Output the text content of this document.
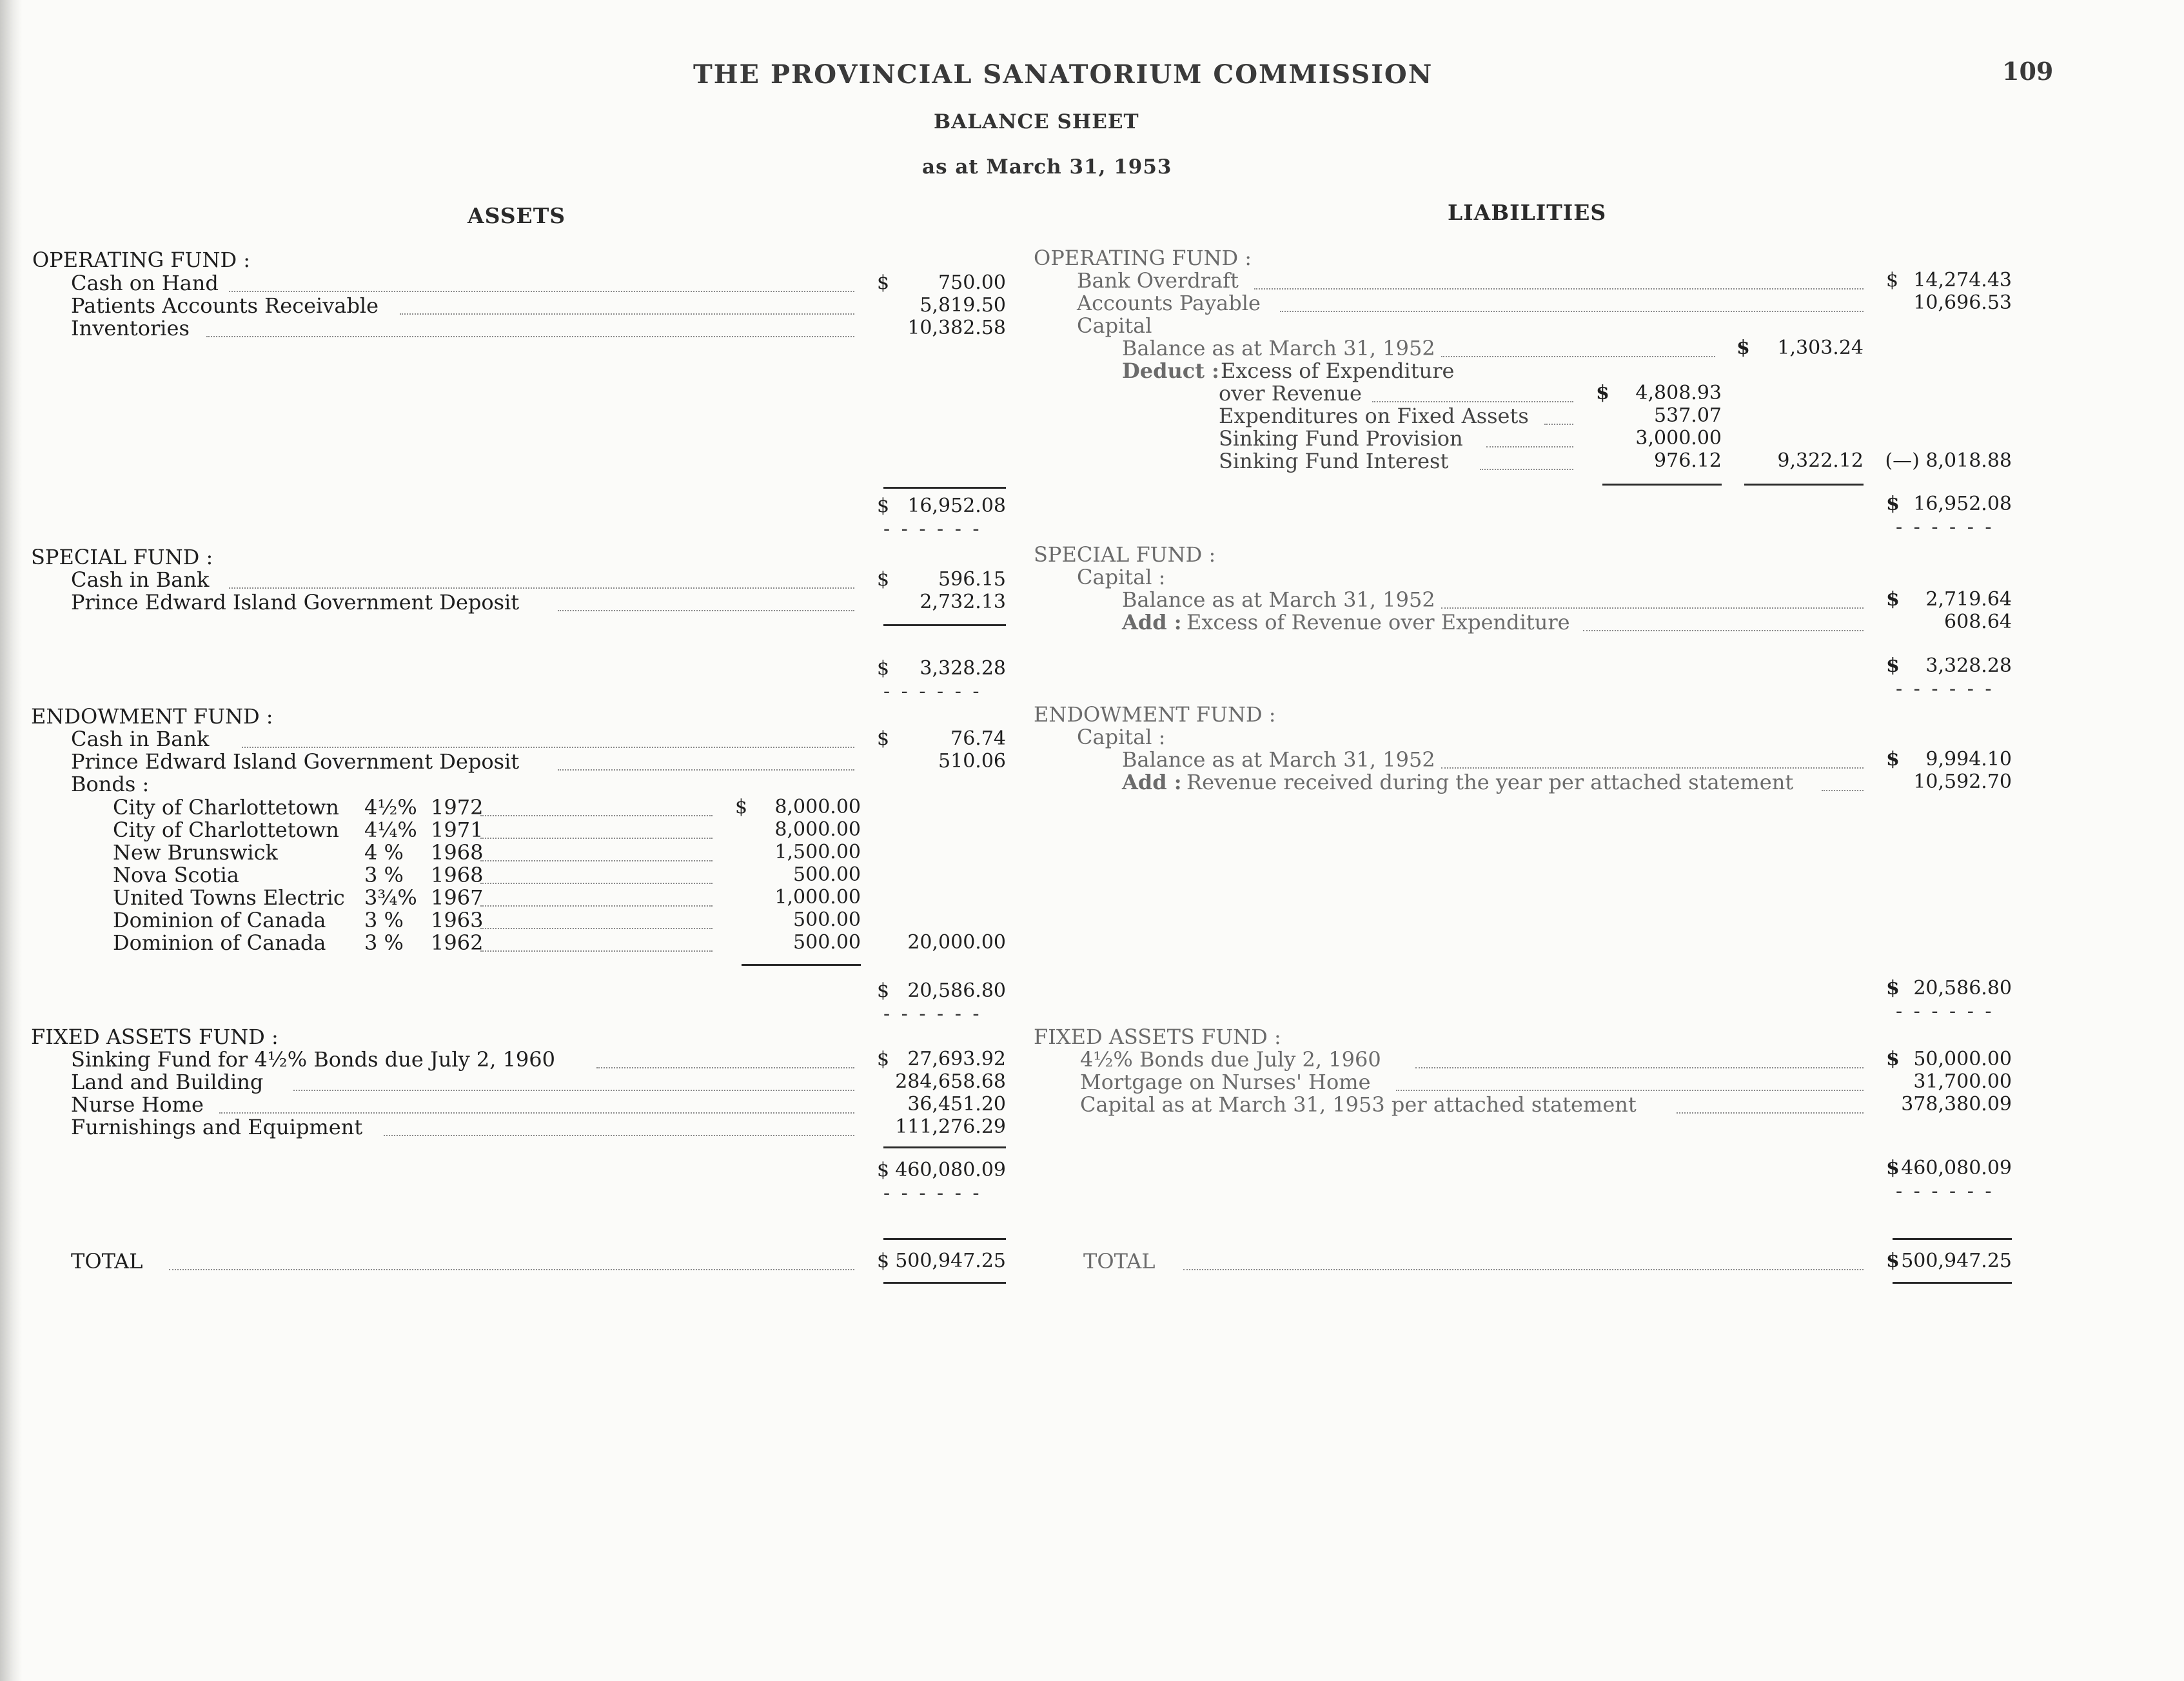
THE PROVINCIAL SANATORIUM COMMISSION	109
BALANCE SHEET
as at March 31, 1953
ASSETS	LIABILITIES
OPERATING FUND :
Cash on Hand	$	750.00
Patients Accounts Receivable	5,819.50
Inventories	10,382.58
$ 16,952.08
- - - - - -
SPECIAL FUND :
Cash in Bank	$	596.15
Prince Edward Island Government Deposit	2,732.13
$	3,328.28
- - - - - -
ENDOWMENT FUND :
Cash in Bank	$	76.74
Prince Edward Island Government Deposit	510.06
Bonds :
City of Charlottetown 4½% 1972	$	8,000.00
City of Charlottetown 4¼% 1971	8,000.00
New Brunswick	4 % 1968	1,500.00
Nova Scotia	3 % 1968	500.00
United Towns Electric 3¾% 1967	1,000.00
Dominion of Canada 3 % 1963	500.00
Dominion of Canada 3 % 1962	500.00	20,000.00
$ 20,586.80
- - - - - -
FIXED ASSETS FUND :
Sinking Fund for 4½% Bonds due July 2, 1960	$ 27,693.92
Land and Building	284,658.68
Nurse Home	36,451.20
Furnishings and Equipment	111,276.29
$ 460,080.09
- - - - - -
TOTAL	$ 500,947.25
OPERATING FUND :
Bank Overdraft	$ 14,274.43
Accounts Payable	10,696.53
Capital
Balance as at March 31, 1952	$	1,303.24
Deduct : Excess of Expenditure
over Revenue	$	4,808.93
Expenditures on Fixed Assets	537.07
Sinking Fund Provision	3,000.00
Sinking Fund Interest	976.12	9,322.12	(—) 8,018.88
$ 16,952.08
- - - - - -
SPECIAL FUND :
Capital :
Balance as at March 31, 1952	$	2,719.64
Add : Excess of Revenue over Expenditure	608.64
$	3,328.28
- - - - - -
ENDOWMENT FUND :
Capital :
Balance as at March 31, 1952	$	9,994.10
Add : Revenue received during the year per attached statement	10,592.70
$ 20,586.80
- - - - - -
FIXED ASSETS FUND :
4½% Bonds due July 2, 1960	$ 50,000.00
Mortgage on Nurses' Home	31,700.00
Capital as at March 31, 1953 per attached statement	378,380.09
$ 460,080.09
- - - - - -
TOTAL	$ 500,947.25
